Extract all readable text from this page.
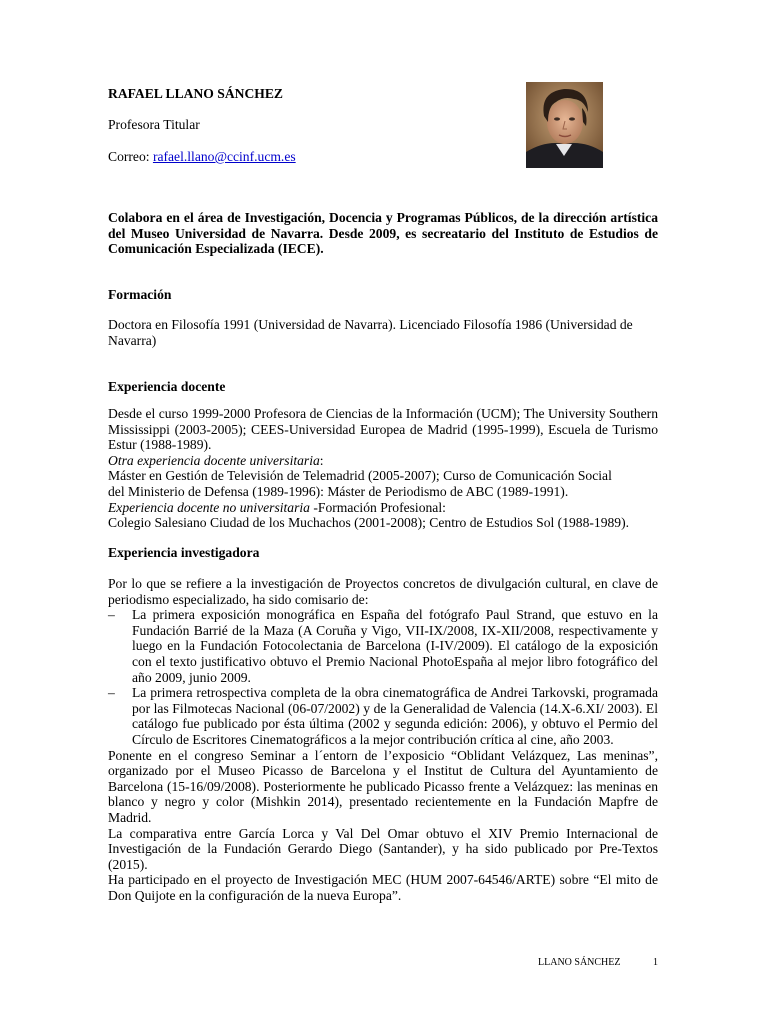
RAFAEL LLANO SÁNCHEZ
Profesora Titular
Correo: rafael.llano@ccinf.ucm.es
Colabora en el área de Investigación, Docencia y Programas Públicos, de la dirección artística del Museo Universidad de Navarra. Desde 2009, es secreatario del Instituto de Estudios de Comunicación Especializada (IECE).
Formación
Doctora en Filosofía 1991 (Universidad de Navarra). Licenciado Filosofía 1986 (Universidad de Navarra)
Experiencia docente
Desde el curso 1999-2000 Profesora de Ciencias de la Información (UCM); The University Southern Mississippi (2003-2005); CEES-Universidad Europea de Madrid (1995-1999), Escuela de Turismo Estur (1988-1989).
Otra experiencia docente universitaria:
Máster en Gestión de Televisión de Telemadrid (2005-2007); Curso de Comunicación Social
del Ministerio de Defensa (1989-1996): Máster de Periodismo de ABC (1989-1991).
Experiencia docente no universitaria -Formación Profesional:
Colegio Salesiano Ciudad de los Muchachos (2001-2008); Centro de Estudios Sol (1988-1989).
Experiencia investigadora
Por lo que se refiere a la investigación de Proyectos concretos de divulgación cultural, en clave de periodismo especializado, ha sido comisario de:
– La primera exposición monográfica en España del fotógrafo Paul Strand, que estuvo en la Fundación Barrié de la Maza (A Coruña y Vigo, VII-IX/2008, IX-XII/2008, respectivamente y luego en la Fundación Fotocolectania de Barcelona (I-IV/2009). El catálogo de la exposición con el texto justificativo obtuvo el Premio Nacional PhotoEspaña al mejor libro fotográfico del año 2009, junio 2009.
– La primera retrospectiva completa de la obra cinematográfica de Andrei Tarkovski, programada por las Filmotecas Nacional (06-07/2002) y de la Generalidad de Valencia (14.X-6.XI/ 2003). El catálogo fue publicado por ésta última (2002 y segunda edición: 2006), y obtuvo el Permio del Círculo de Escritores Cinematográficos a la mejor contribución crítica al cine, año 2003.
Ponente en el congreso Seminar a l´entorn de l’exposicio “Oblidant Velázquez, Las meninas”, organizado por el Museo Picasso de Barcelona y el Institut de Cultura del Ayuntamiento de Barcelona (15-16/09/2008). Posteriormente he publicado Picasso frente a Velázquez: las meninas en blanco y negro y color (Mishkin 2014), presentado recientemente en la Fundación Mapfre de Madrid.
La comparativa entre García Lorca y Val Del Omar obtuvo el XIV Premio Internacional de Investigación de la Fundación Gerardo Diego (Santander), y ha sido publicado por Pre-Textos (2015).
Ha participado en el proyecto de Investigación MEC (HUM 2007-64546/ARTE) sobre “El mito de Don Quijote en la configuración de la nueva Europa”.
LLANO SÁNCHEZ	1
